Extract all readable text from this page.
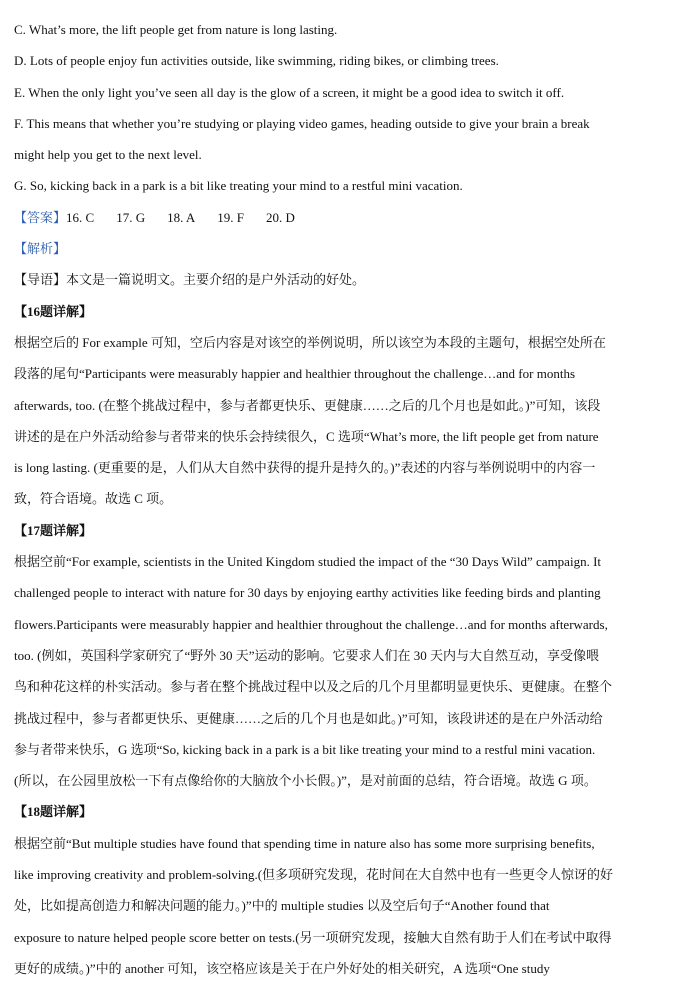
C. What’s more, the lift people get from nature is long lasting.
D. Lots of people enjoy fun activities outside, like swimming, riding bikes, or climbing trees.
E. When the only light you’ve seen all day is the glow of a screen, it might be a good idea to switch it off.
F. This means that whether you’re studying or playing video games, heading outside to give your brain a break
might help you get to the next level.
G. So, kicking back in a park is a bit like treating your mind to a restful mini vacation.
【答案】16. C 17. G 18. A 19. F 20. D
【解析】
【导语】本文是一篇说明文。主要介绍的是户外活动的好处。
【16题详解】
根据空后的 For example 可知，空后内容是对该空的举例说明，所以该空为本段的主题句，根据空处所在
段落的尾句“Participants were measurably happier and healthier throughout the challenge…and for months
afterwards, too. (在整个挑战过程中，参与者都更快乐、更健康……之后的几个月也是如此。)”可知，该段
讲述的是在户外活动给参与者带来的快乐会持续很久，C 选项“What’s more, the lift people get from nature
is long lasting. (更重要的是，人们从大自然中获得的提升是持久的。)”表述的内容与举例说明中的内容一
致，符合语境。故选 C 项。
【17题详解】
根据空前“For example, scientists in the United Kingdom studied the impact of the “30 Days Wild” campaign. It
challenged people to interact with nature for 30 days by enjoying earthy activities like feeding birds and planting
flowers.Participants were measurably happier and healthier throughout the challenge…and for months afterwards,
too. (例如，英国科学家研究了“野外 30 天”运动的影响。它要求人们在 30 天内与大自然互动，享受像喂
鸟和种花这样的朴实活动。参与者在整个挑战过程中以及之后的几个月里都明显更快乐、更健康。在整个
挑战过程中，参与者都更快乐、更健康……之后的几个月也是如此。)”可知，该段讲述的是在户外活动给
参与者带来快乐，G 选项“So, kicking back in a park is a bit like treating your mind to a restful mini vacation.
(所以，在公园里放松一下有点像给你的大脑放个小长假。)”，是对前面的总结，符合语境。故选 G 项。
【18题详解】
根据空前“But multiple studies have found that spending time in nature also has some more surprising benefits,
like improving creativity and problem-solving.(但多项研究发现，花时间在大自然中也有一些更令人惊讶的好
处，比如提高创造力和解决问题的能力。)”中的 multiple studies 以及空后句子“Another found that
exposure to nature helped people score better on tests.(另一项研究发现，接触大自然有助于人们在考试中取得
更好的成绩。)”中的 another 可知，该空格应该是关于在户外好处的相关研究，A 选项“One study
